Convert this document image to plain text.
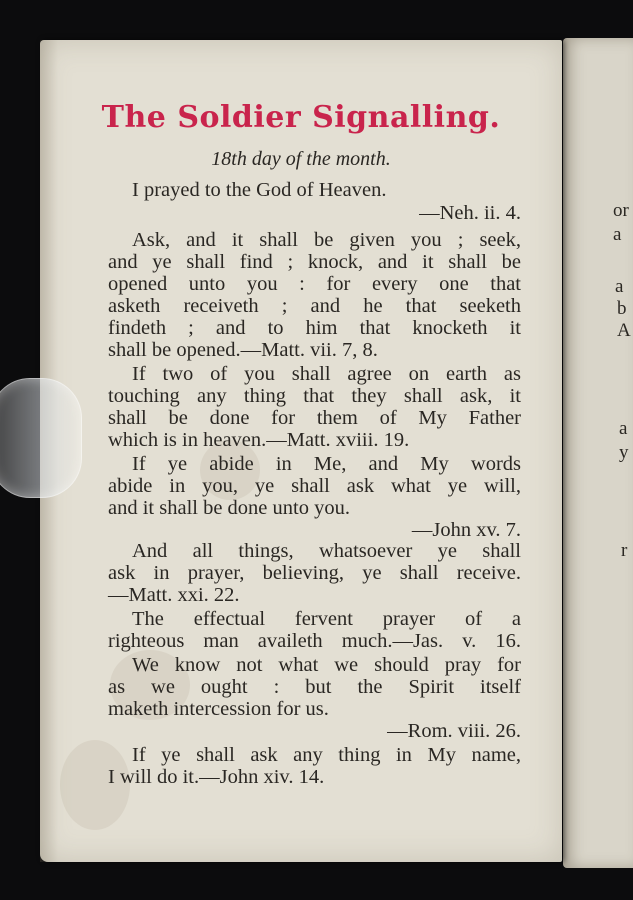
or
a
a
b
A
a
y
r
The Soldier Signalling.

18th day of the month.

I prayed to the God of Heaven.

—Neh. ii. 4.

Ask, and it shall be given you ; seek,

and ye shall find ; knock, and it shall be

opened unto you : for every one that

asketh receiveth ; and he that seeketh

findeth ; and to him that knocketh it

shall be opened.—Matt. vii. 7, 8.

If two of you shall agree on earth as

touching any thing that they shall ask, it

shall be done for them of My Father

which is in heaven.—Matt. xviii. 19.

If ye abide in Me, and My words

abide in you, ye shall ask what ye will,

and it shall be done unto you.

—John xv. 7.

And all things, whatsoever ye shall

ask in prayer, believing, ye shall receive.

—Matt. xxi. 22.

The effectual fervent prayer of a

righteous man availeth much.—Jas. v. 16.

We know not what we should pray for

as we ought : but the Spirit itself

maketh intercession for us.

—Rom. viii. 26.

If ye shall ask any thing in My name,

I will do it.—John xiv. 14.
